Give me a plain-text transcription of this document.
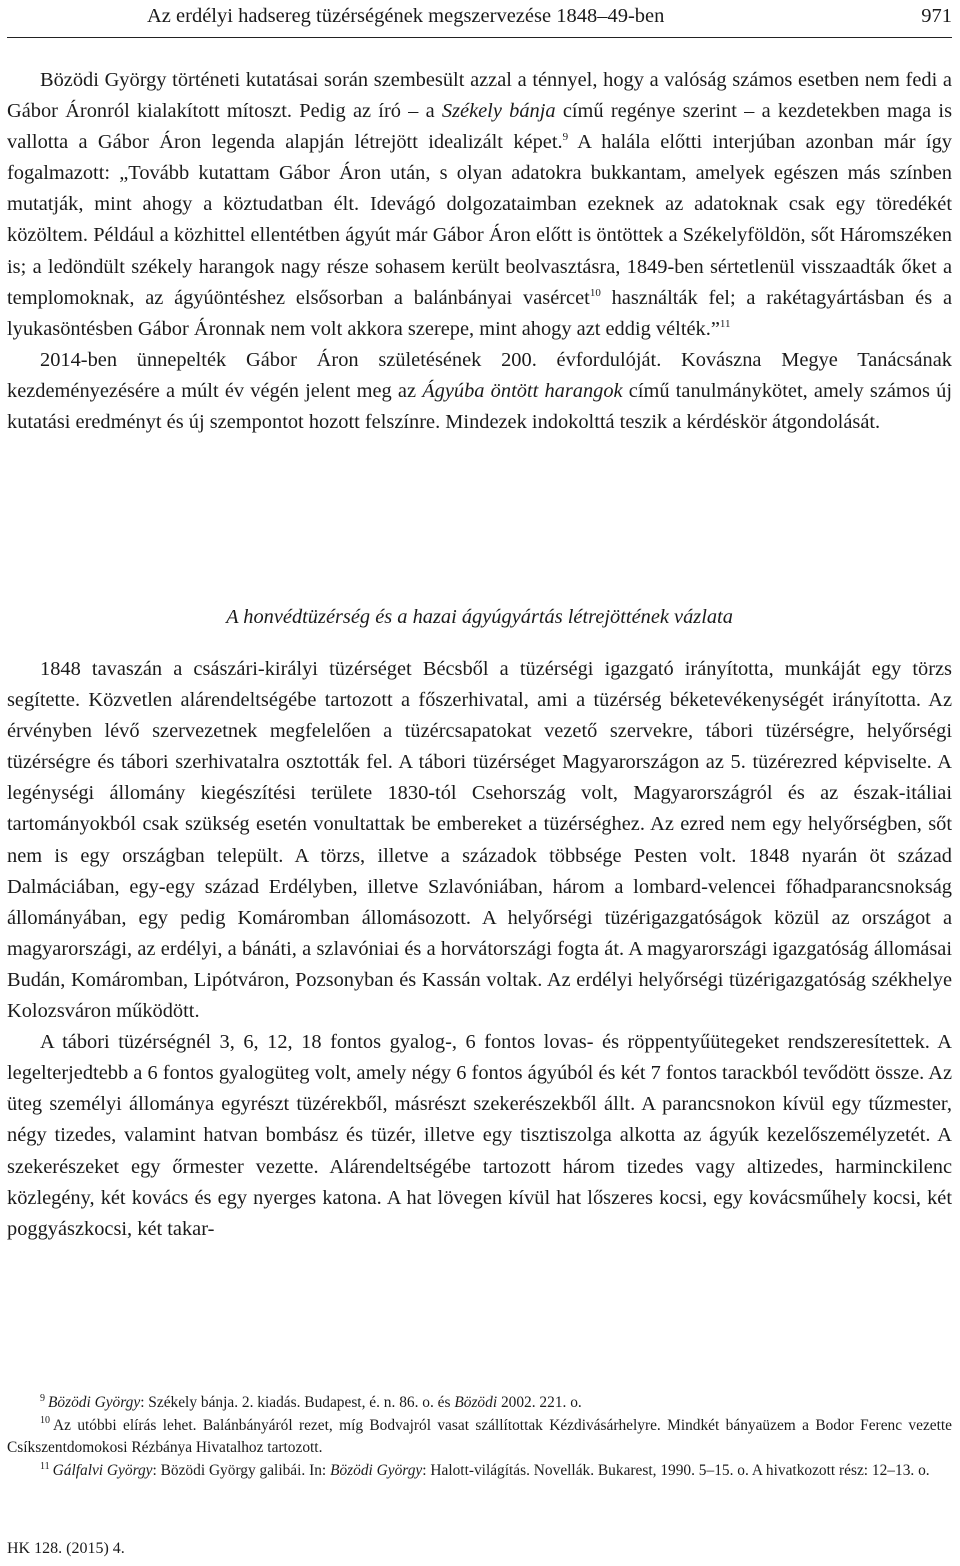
Az erdélyi hadsereg tüzérségének megszervezése 1848–49-ben	971

Bözödi György történeti kutatásai során szembesült azzal a ténnyel, hogy a valóság számos esetben nem fedi a Gábor Áronról kialakított mítoszt. Pedig az író – a Székely bánja című regénye szerint – a kezdetekben maga is vallotta a Gábor Áron legenda alapján létrejött idealizált képet.$^9$ A halála előtti interjúban azonban már így fogalmazott: „Tovább kutattam Gábor Áron után, s olyan adatokra bukkantam, amelyek egészen más színben mutatják, mint ahogy a köztudatban élt. Idevágó dolgozataimban ezeknek az adatoknak csak egy töredékét közöltem. Például a közhittel ellentétben ágyút már Gábor Áron előtt is öntöttek a Székelyföldön, sőt Háromszéken is; a ledöndült székely harangok nagy része sohasem került beolvasztásra, 1849-ben sértetlenül visszaadták őket a templomoknak, az ágyúöntéshez elsősorban a balánbányai vasércet$^{10}$ használták fel; a rakétagyártásban és a lyukasöntésben Gábor Áronnak nem volt akkora szerepe, mint ahogy azt eddig vélték.”$^{11}$

2014-ben ünnepelték Gábor Áron születésének 200. évfordulóját. Kovászna Megye Tanácsának kezdeményezésére a múlt év végén jelent meg az Ágyúba öntött harangok című tanulmánykötet, amely számos új kutatási eredményt és új szempontot hozott felszínre. Mindezek indokolttá teszik a kérdéskör átgondolását.

A honvédtüzérség és a hazai ágyúgyártás létrejöttének vázlata

1848 tavaszán a császári-királyi tüzérséget Bécsből a tüzérségi igazgató irányította, munkáját egy törzs segítette. Közvetlen alárendeltségébe tartozott a főszerhivatal, ami a tüzérség béketevékenységét irányította. Az érvényben lévő szervezetnek megfelelően a tüzércsapatokat vezető szervekre, tábori tüzérségre, helyőrségi tüzérségre és tábori szerhivatalra osztották fel. A tábori tüzérséget Magyarországon az 5. tüzérezred képviselte. A legénységi állomány kiegészítési területe 1830-tól Csehország volt, Magyarországról és az észak-itáliai tartományokból csak szükség esetén vonultattak be embereket a tüzérséghez. Az ezred nem egy helyőrségben, sőt nem is egy országban települt. A törzs, illetve a századok többsége Pesten volt. 1848 nyarán öt század Dalmáciában, egy-egy század Erdélyben, illetve Szlavóniában, három a lombard-velencei főhadparancsnokság állományában, egy pedig Komáromban állomásozott. A helyőrségi tüzérigazgatóságok közül az országot a magyarországi, az erdélyi, a bánáti, a szlavóniai és a horvátországi fogta át. A magyarországi igazgatóság állomásai Budán, Komáromban, Lipótváron, Pozsonyban és Kassán voltak. Az erdélyi helyőrségi tüzérigazgatóság székhelye Kolozsváron működött.

A tábori tüzérségnél 3, 6, 12, 18 fontos gyalog-, 6 fontos lovas- és röppentyűütegeket rendszeresítettek. A legelterjedtebb a 6 fontos gyalogüteg volt, amely négy 6 fontos ágyúból és két 7 fontos tarackból tevődött össze. Az üteg személyi állománya egyrészt tüzérekből, másrészt szekerészekből állt. A parancsnokon kívül egy tűzmester, négy tizedes, valamint hatvan bombász és tüzér, illetve egy tisztiszolga alkotta az ágyúk kezelőszemélyzetét. A szekerészeket egy őrmester vezette. Alárendeltségébe tartozott három tizedes vagy altizedes, harminckilenc közlegény, két kovács és egy nyerges katona. A hat lövegen kívül hat lőszeres kocsi, egy kovácsműhely kocsi, két poggyászkocsi, két takar-

$^9$ Bözödi György: Székely bánja. 2. kiadás. Budapest, é. n. 86. o. és Bözödi 2002. 221. o.

$^{10}$ Az utóbbi elírás lehet. Balánbányáról rezet, míg Bodvajról vasat szállítottak Kézdivásárhelyre. Mindkét bányaüzem a Bodor Ferenc vezette Csíkszentdomokosi Rézbánya Hivatalhoz tartozott.

$^{11}$ Gálfalvi György: Bözödi György galibái. In: Bözödi György: Halott-világítás. Novellák. Bukarest, 1990. 5–15. o. A hivatkozott rész: 12–13. o.

HK 128. (2015) 4.
